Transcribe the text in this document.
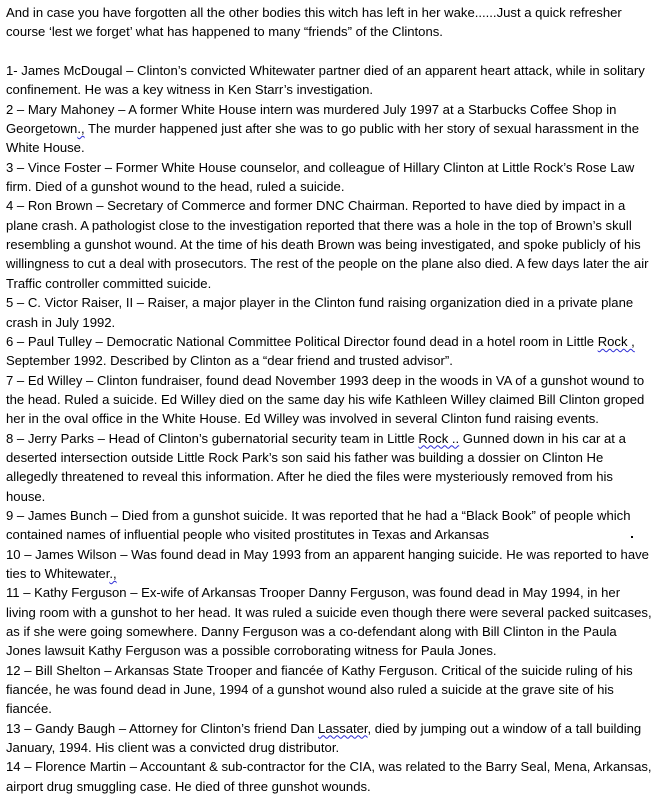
And in case you have forgotten all the other bodies this witch has left in her wake......Just a quick refresher course ‘lest we forget’ what has happened to many “friends” of the Clintons.

1- James McDougal – Clinton’s convicted Whitewater partner died of an apparent heart attack, while in solitary confinement. He was a key witness in Ken Starr’s investigation.

2 – Mary Mahoney – A former White House intern was murdered July 1997 at a Starbucks Coffee Shop in Georgetown., The murder happened just after she was to go public with her story of sexual harassment in the White House.

3 – Vince Foster – Former White House counselor, and colleague of Hillary Clinton at Little Rock’s Rose Law firm. Died of a gunshot wound to the head, ruled a suicide.

4 – Ron Brown – Secretary of Commerce and former DNC Chairman. Reported to have died by impact in a plane crash. A pathologist close to the investigation reported that there was a hole in the top of Brown’s skull resembling a gunshot wound. At the time of his death Brown was being investigated, and spoke publicly of his willingness to cut a deal with prosecutors. The rest of the people on the plane also died. A few days later the air Traffic controller committed suicide.

5 – C. Victor Raiser, II – Raiser, a major player in the Clinton fund raising organization died in a private plane crash in July 1992.

6 – Paul Tulley – Democratic National Committee Political Director found dead in a hotel room in Little Rock , September 1992. Described by Clinton as a “dear friend and trusted advisor”.

7 – Ed Willey – Clinton fundraiser, found dead November 1993 deep in the woods in VA of a gunshot wound to the head. Ruled a suicide. Ed Willey died on the same day his wife Kathleen Willey claimed Bill Clinton groped her in the oval office in the White House. Ed Willey was involved in several Clinton fund raising events.

8 – Jerry Parks – Head of Clinton’s gubernatorial security team in Little Rock .. Gunned down in his car at a deserted intersection outside Little Rock Park’s son said his father was building a dossier on Clinton He allegedly threatened to reveal this information. After he died the files were mysteriously removed from his house.

9 – James Bunch – Died from a gunshot suicide. It was reported that he had a “Black Book” of people which contained names of influential people who visited prostitutes in Texas and Arkansas

10 – James Wilson – Was found dead in May 1993 from an apparent hanging suicide. He was reported to have ties to Whitewater.,

11 – Kathy Ferguson – Ex-wife of Arkansas Trooper Danny Ferguson, was found dead in May 1994, in her living room with a gunshot to her head. It was ruled a suicide even though there were several packed suitcases, as if she were going somewhere. Danny Ferguson was a co-defendant along with Bill Clinton in the Paula Jones lawsuit Kathy Ferguson was a possible corroborating witness for Paula Jones.

12 – Bill Shelton – Arkansas State Trooper and fiancée of Kathy Ferguson. Critical of the suicide ruling of his fiancée, he was found dead in June, 1994 of a gunshot wound also ruled a suicide at the grave site of his fiancée.

13 – Gandy Baugh – Attorney for Clinton’s friend Dan Lassater, died by jumping out a window of a tall building January, 1994. His client was a convicted drug distributor.

14 – Florence Martin – Accountant & sub-contractor for the CIA, was related to the Barry Seal, Mena, Arkansas, airport drug smuggling case. He died of three gunshot wounds.
